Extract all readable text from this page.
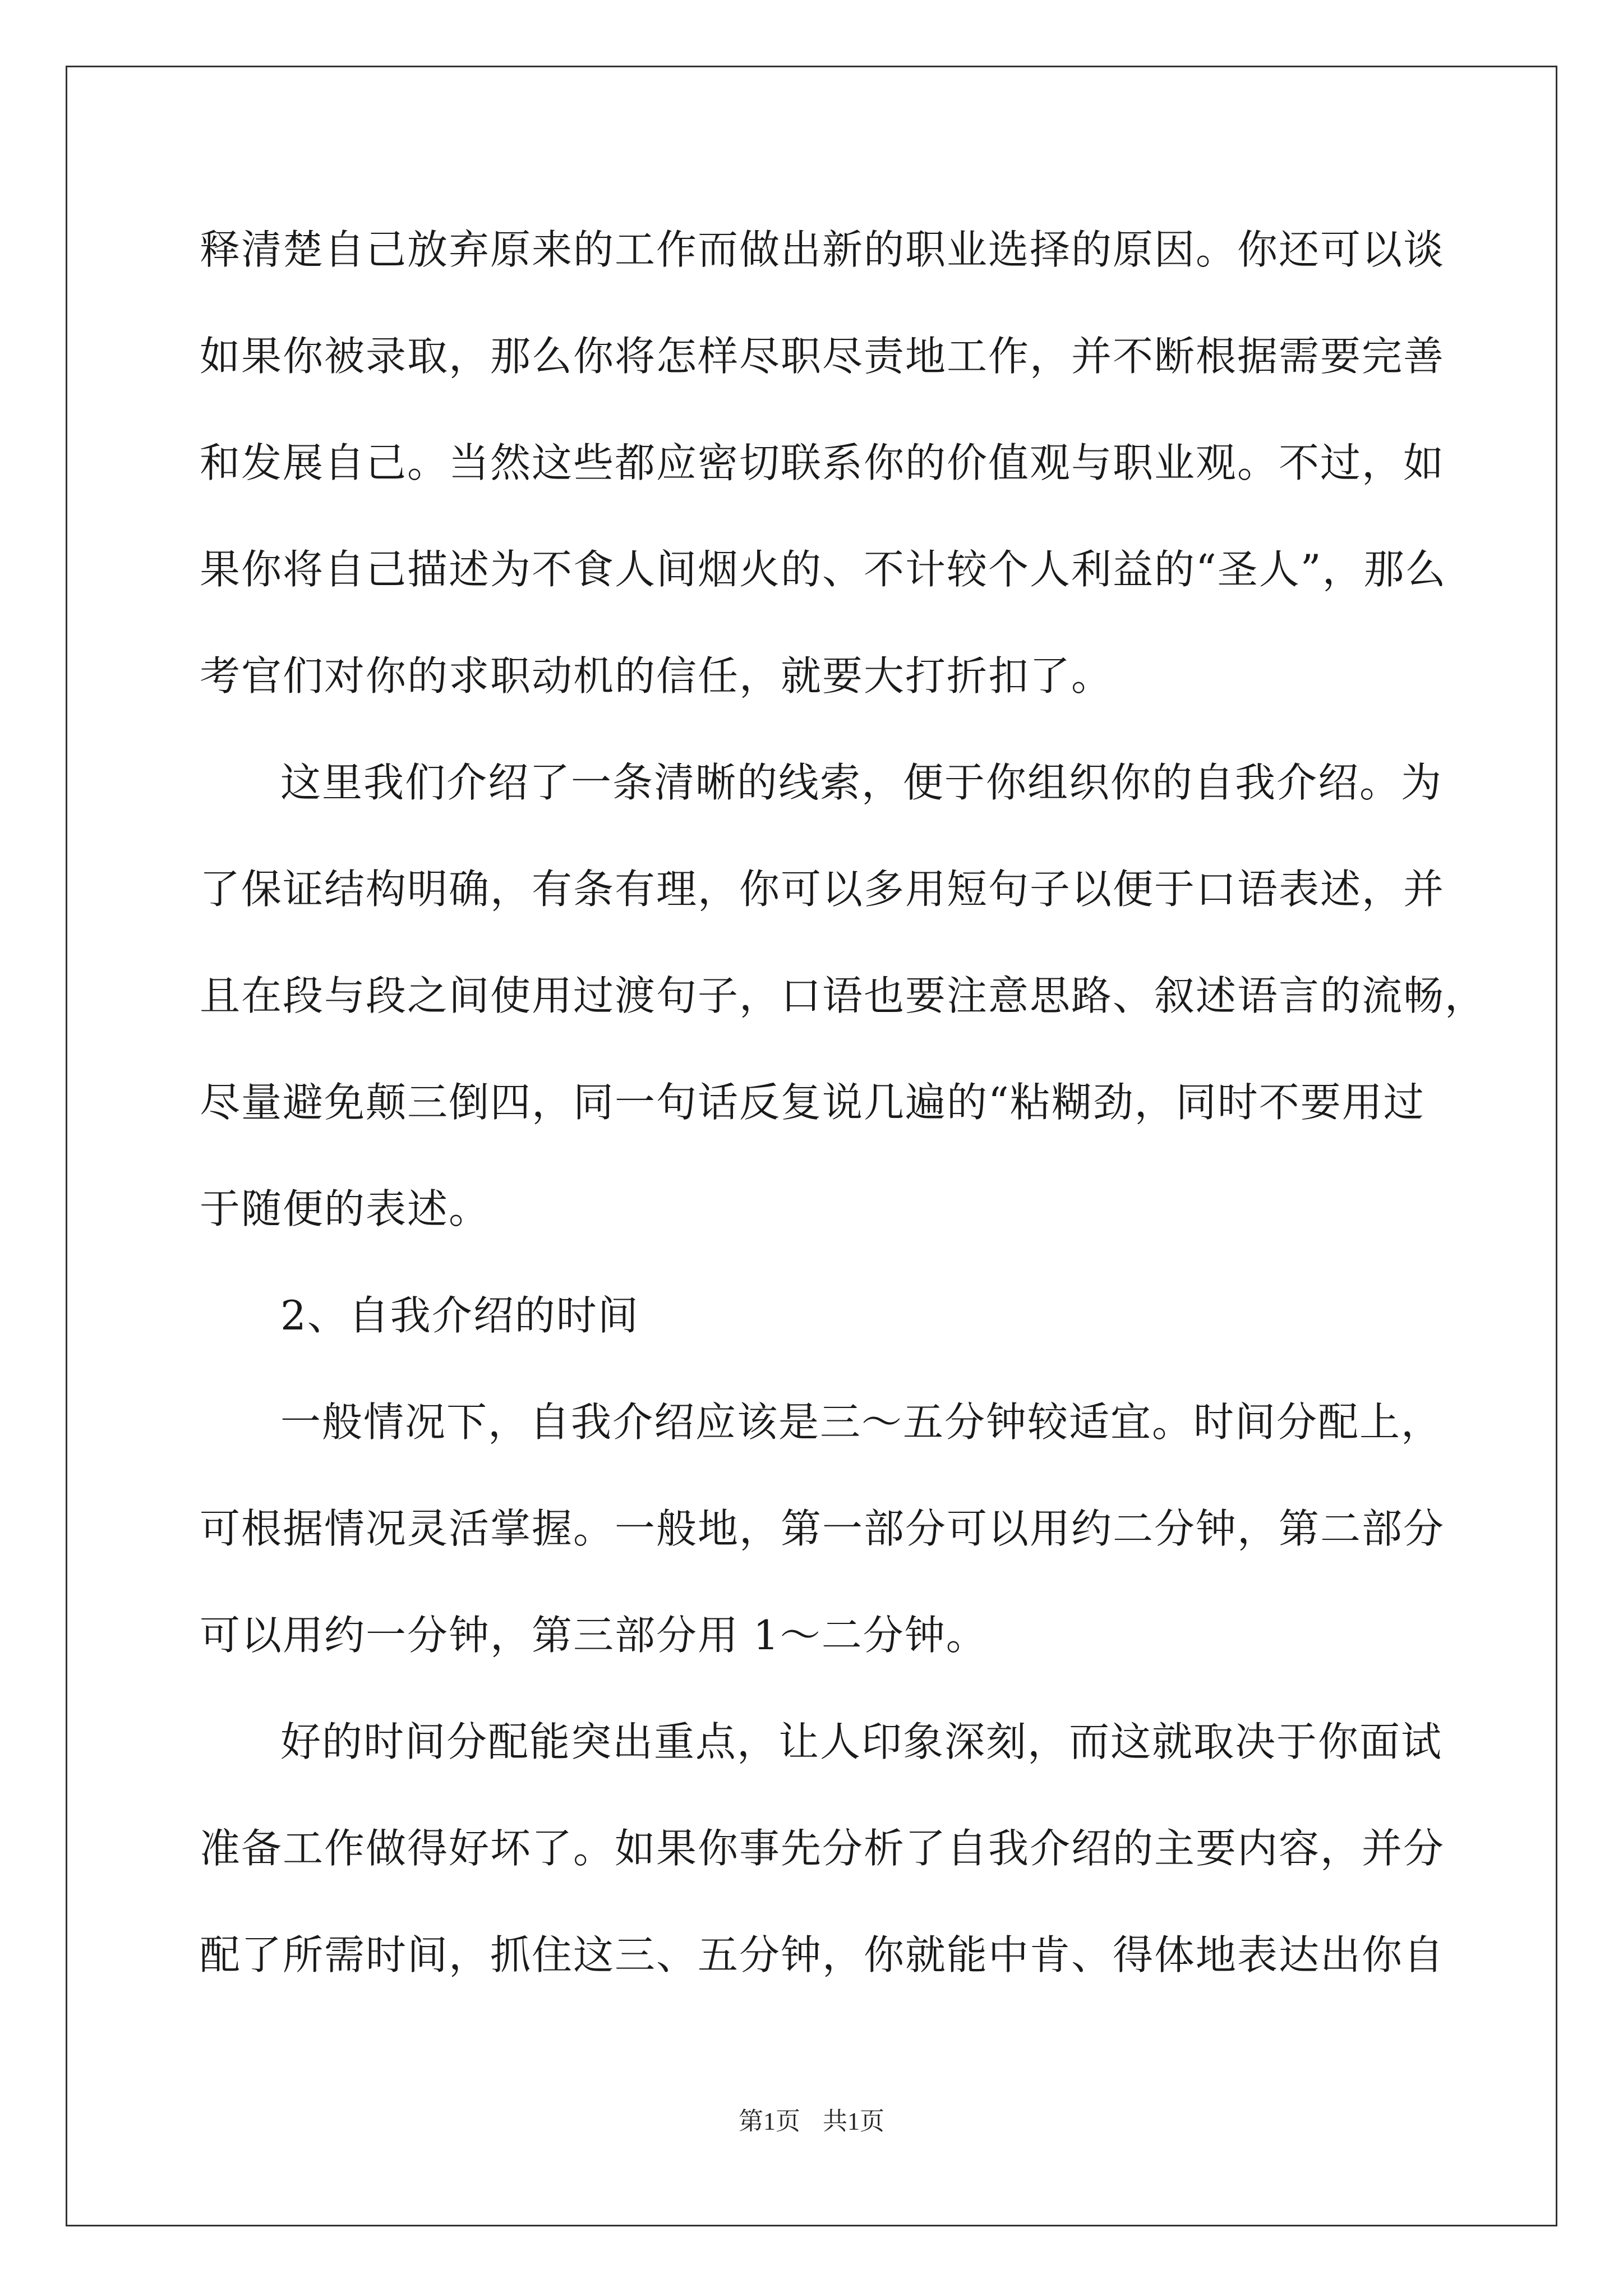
释清楚自己放弃原来的工作而做出新的职业选择的原因。你还可以谈
如果你被录取，那么你将怎样尽职尽责地工作，并不断根据需要完善
和发展自己。当然这些都应密切联系你的价值观与职业观。不过，如
果你将自己描述为不食人间烟火的、不计较个人利益的“圣人”，那么
考官们对你的求职动机的信任，就要大打折扣了。
这里我们介绍了一条清晰的线索，便于你组织你的自我介绍。为
了保证结构明确，有条有理，你可以多用短句子以便于口语表述，并
且在段与段之间使用过渡句子，口语也要注意思路、叙述语言的流畅，
尽量避免颠三倒四，同一句话反复说几遍的“粘糊劲，同时不要用过
于随便的表述。
2、自我介绍的时间
一般情况下，自我介绍应该是三～五分钟较适宜。时间分配上，
可根据情况灵活掌握。一般地，第一部分可以用约二分钟，第二部分
可以用约一分钟，第三部分用 1～二分钟。
好的时间分配能突出重点，让人印象深刻，而这就取决于你面试
准备工作做得好坏了。如果你事先分析了自我介绍的主要内容，并分
配了所需时间，抓住这三、五分钟，你就能中肯、得体地表达出你自
第1页 共1页
